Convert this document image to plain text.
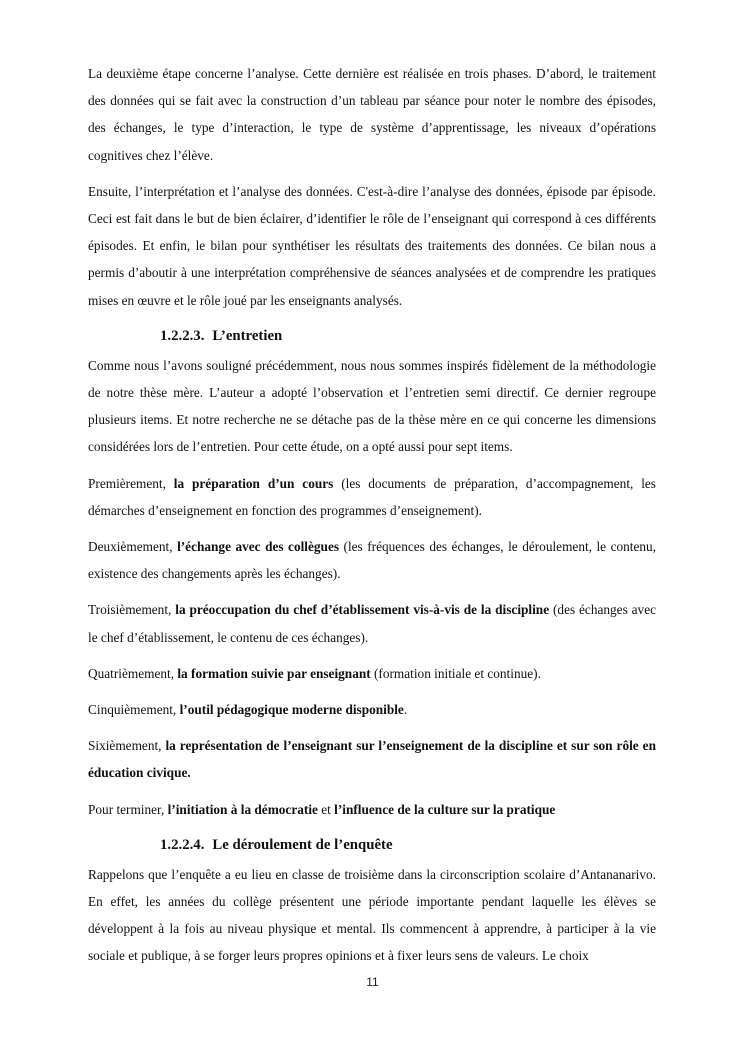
La deuxième étape concerne l’analyse. Cette dernière est réalisée en trois phases. D’abord, le traitement des données qui se fait avec la construction d’un tableau par séance pour noter le nombre des épisodes, des échanges, le type d’interaction, le type de système d’apprentissage, les niveaux d’opérations cognitives chez l’élève.

Ensuite, l’interprétation et l’analyse des données. C'est-à-dire l’analyse des données, épisode par épisode. Ceci est fait dans le but de bien éclairer, d’identifier le rôle de l’enseignant qui correspond à ces différents épisodes. Et enfin, le bilan pour synthétiser les résultats des traitements des données. Ce bilan nous a permis d’aboutir à une interprétation compréhensive de séances analysées et de comprendre les pratiques mises en œuvre et le rôle joué par les enseignants analysés.

1.2.2.3. L’entretien

Comme nous l’avons souligné précédemment, nous nous sommes inspirés fidèlement de la méthodologie de notre thèse mère. L’auteur a adopté l’observation et l’entretien semi directif. Ce dernier regroupe plusieurs items. Et notre recherche ne se détache pas de la thèse mère en ce qui concerne les dimensions considérées lors de l’entretien. Pour cette étude, on a opté aussi pour sept items.

Premièrement, la préparation d’un cours (les documents de préparation, d’accompagnement, les démarches d’enseignement en fonction des programmes d’enseignement).

Deuxièmement, l’échange avec des collègues (les fréquences des échanges, le déroulement, le contenu, existence des changements après les échanges).

Troisièmement, la préoccupation du chef d’établissement vis-à-vis de la discipline (des échanges avec le chef d’établissement, le contenu de ces échanges).

Quatrièmement, la formation suivie par enseignant (formation initiale et continue).

Cinquièmement, l’outil pédagogique moderne disponible.

Sixièmement, la représentation de l’enseignant sur l’enseignement de la discipline et sur son rôle en éducation civique.

Pour terminer, l’initiation à la démocratie et l’influence de la culture sur la pratique

1.2.2.4. Le déroulement de l’enquête

Rappelons que l’enquête a eu lieu en classe de troisième dans la circonscription scolaire d’Antananarivo. En effet, les années du collège présentent une période importante pendant laquelle les élèves se développent à la fois au niveau physique et mental. Ils commencent à apprendre, à participer à la vie sociale et publique, à se forger leurs propres opinions et à fixer leurs sens de valeurs. Le choix

11
